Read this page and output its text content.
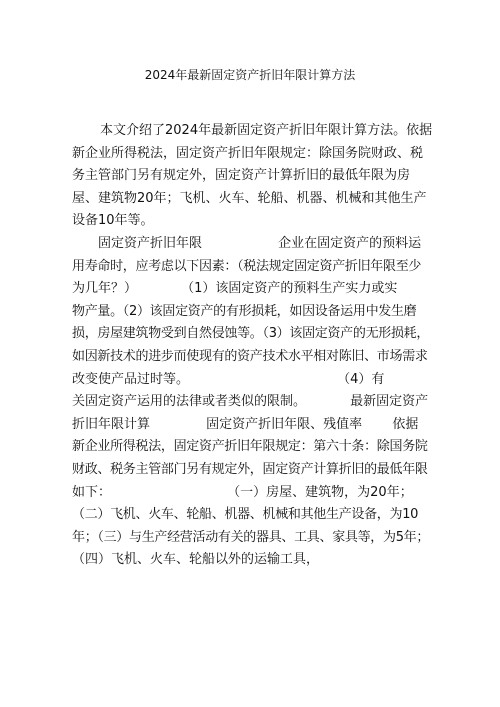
2024年最新固定资产折旧年限计算方法
本文介绍了2024年最新固定资产折旧年限计算方法。依据
新企业所得税法，固定资产折旧年限规定：除国务院财政、税
务主管部门另有规定外，固定资产计算折旧的最低年限为房
屋、建筑物20年；飞机、火车、轮船、机器、机械和其他生产
设备10年等。
固定资产折旧年限	企业在固定资产的预料运
用寿命时，应考虑以下因素：（税法规定固定资产折旧年限至少
为几年？）	（1）该固定资产的预料生产实力或实
物产量。（2）该固定资产的有形损耗，如因设备运用中发生磨
损，房屋建筑物受到自然侵蚀等。（3）该固定资产的无形损耗，
如因新技术的进步而使现有的资产技术水平相对陈旧、市场需求
改变使产品过时等。	（4）有
关固定资产运用的法律或者类似的限制。	最新固定资产
折旧年限计算	固定资产折旧年限、残值率 依据
新企业所得税法，固定资产折旧年限规定：第六十条：除国务院
财政、税务主管部门另有规定外，固定资产计算折旧的最低年限
如下：	（一）房屋、建筑物，为20年；
（二）飞机、火车、轮船、机器、机械和其他生产设备，为10
年；（三）与生产经营活动有关的器具、工具、家具等，为5年；
（四）飞机、火车、轮船以外的运输工具，
